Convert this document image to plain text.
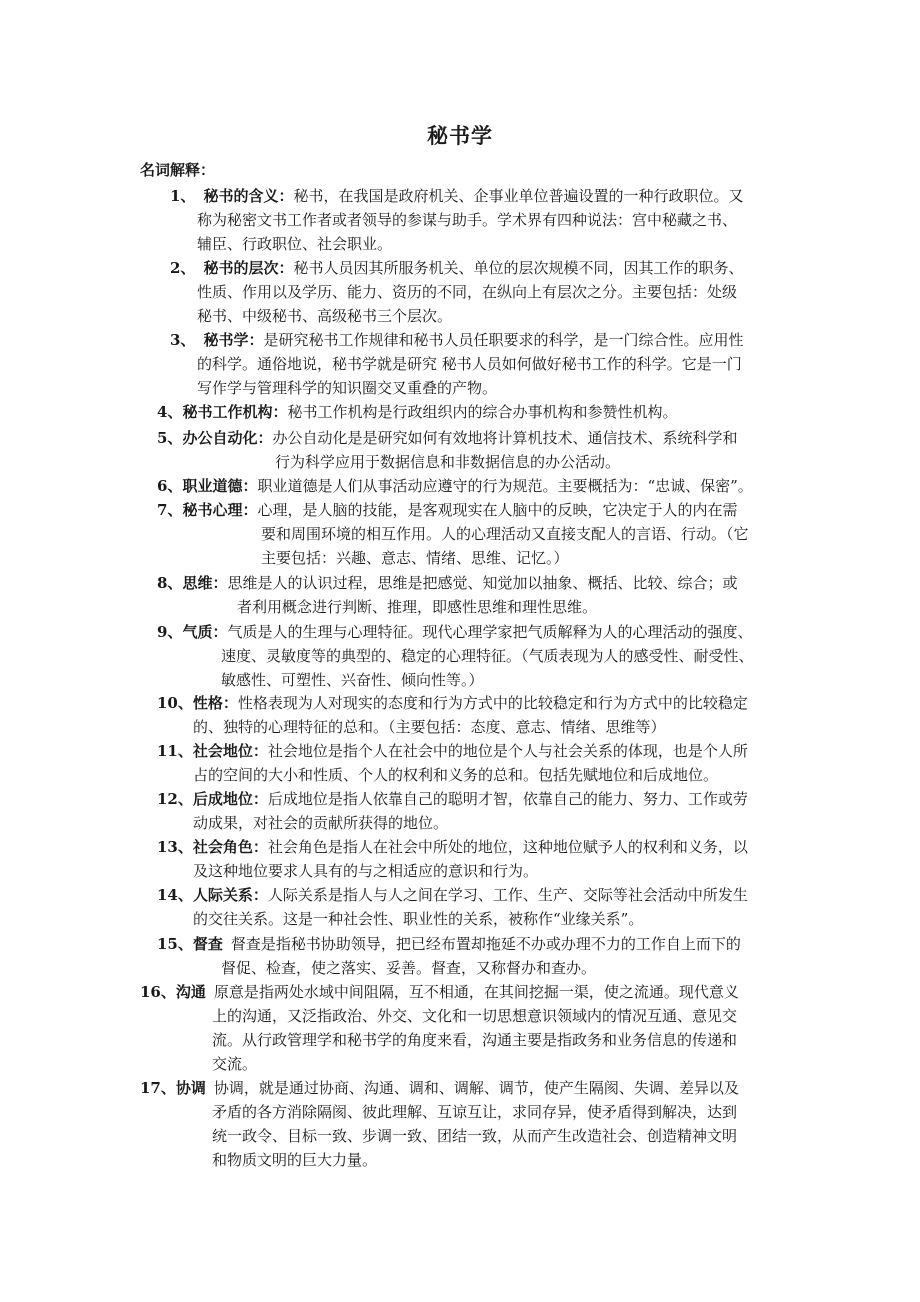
秘书学
名词解释：
1、 秘书的含义：秘书，在我国是政府机关、企事业单位普遍设置的一种行政职位。又
称为秘密文书工作者或者领导的参谋与助手。学术界有四种说法：宫中秘藏之书、
辅臣、行政职位、社会职业。
2、 秘书的层次：秘书人员因其所服务机关、单位的层次规模不同，因其工作的职务、
性质、作用以及学历、能力、资历的不同，在纵向上有层次之分。主要包括：处级
秘书、中级秘书、高级秘书三个层次。
3、 秘书学：是研究秘书工作规律和秘书人员任职要求的科学，是一门综合性。应用性
的科学。通俗地说，秘书学就是研究 秘书人员如何做好秘书工作的科学。它是一门
写作学与管理科学的知识圈交叉重叠的产物。
4、秘书工作机构：秘书工作机构是行政组织内的综合办事机构和参赞性机构。
5、办公自动化：办公自动化是是研究如何有效地将计算机技术、通信技术、系统科学和
行为科学应用于数据信息和非数据信息的办公活动。
6、职业道德：职业道德是人们从事活动应遵守的行为规范。主要概括为：“忠诚、保密”。
7、秘书心理：心理，是人脑的技能，是客观现实在人脑中的反映，它决定于人的内在需
要和周围环境的相互作用。人的心理活动又直接支配人的言语、行动。（它
主要包括：兴趣、意志、情绪、思维、记忆。）
8、思维：思维是人的认识过程，思维是把感觉、知觉加以抽象、概括、比较、综合；或
者利用概念进行判断、推理，即感性思维和理性思维。
9、气质：气质是人的生理与心理特征。现代心理学家把气质解释为人的心理活动的强度、
速度、灵敏度等的典型的、稳定的心理特征。（气质表现为人的感受性、耐受性、
敏感性、可塑性、兴奋性、倾向性等。）
10、性格：性格表现为人对现实的态度和行为方式中的比较稳定和行为方式中的比较稳定
的、独特的心理特征的总和。（主要包括：态度、意志、情绪、思维等）
11、社会地位：社会地位是指个人在社会中的地位是个人与社会关系的体现，也是个人所
占的空间的大小和性质、个人的权利和义务的总和。包括先赋地位和后成地位。
12、后成地位：后成地位是指人依靠自己的聪明才智，依靠自己的能力、努力、工作或劳
动成果，对社会的贡献所获得的地位。
13、社会角色：社会角色是指人在社会中所处的地位，这种地位赋予人的权利和义务，以
及这种地位要求人具有的与之相适应的意识和行为。
14、人际关系：人际关系是指人与人之间在学习、工作、生产、交际等社会活动中所发生
的交往关系。这是一种社会性、职业性的关系，被称作“业缘关系”。
15、督查 督查是指秘书协助领导，把已经布置却拖延不办或办理不力的工作自上而下的
督促、检查，使之落实、妥善。督查，又称督办和查办。
16、沟通 原意是指两处水域中间阻隔，互不相通，在其间挖掘一渠，使之流通。现代意义
上的沟通，又泛指政治、外交、文化和一切思想意识领域内的情况互通、意见交
流。从行政管理学和秘书学的角度来看，沟通主要是指政务和业务信息的传递和
交流。
17、协调 协调，就是通过协商、沟通、调和、调解、调节，使产生隔阂、失调、差异以及
矛盾的各方消除隔阂、彼此理解、互谅互让，求同存异，使矛盾得到解决，达到
统一政令、目标一致、步调一致、团结一致，从而产生改造社会、创造精神文明
和物质文明的巨大力量。
